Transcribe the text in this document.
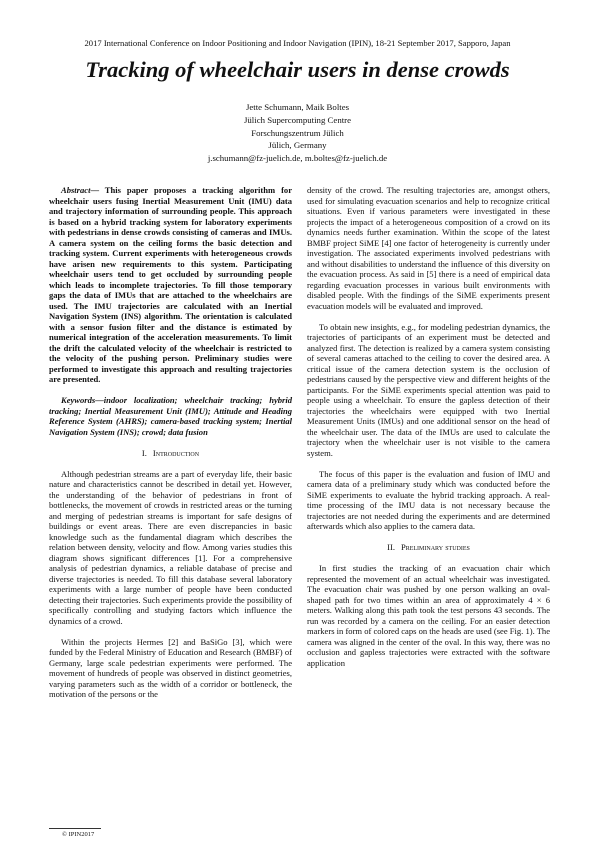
2017 International Conference on Indoor Positioning and Indoor Navigation (IPIN), 18-21 September 2017, Sapporo, Japan
Tracking of wheelchair users in dense crowds
Jette Schumann, Maik Boltes
Jülich Supercomputing Centre
Forschungszentrum Jülich
Jülich, Germany
j.schumann@fz-juelich.de, m.boltes@fz-juelich.de

Abstract— This paper proposes a tracking algorithm for wheelchair users fusing Inertial Measurement Unit (IMU) data and trajectory information of surrounding people. This approach is based on a hybrid tracking system for laboratory experiments with pedestrians in dense crowds consisting of cameras and IMUs. A camera system on the ceiling forms the basic detection and tracking system. Current experiments with heterogeneous crowds have arisen new requirements to this system. Participating wheelchair users tend to get occluded by surrounding people which leads to incomplete trajectories. To fill those temporary gaps the data of IMUs that are attached to the wheelchairs are used. The IMU trajectories are calculated with an Inertial Navigation System (INS) algorithm. The orientation is calculated with a sensor fusion filter and the distance is estimated by numerical integration of the acceleration measurements. To limit the drift the calculated velocity of the wheelchair is restricted to the velocity of the pushing person. Preliminary studies were performed to investigate this approach and resulting trajectories are presented.

Keywords—indoor localization; wheelchair tracking; hybrid tracking; Inertial Measurement Unit (IMU); Attitude and Heading Reference System (AHRS); camera-based tracking system; Inertial Navigation System (INS); crowd; data fusion

I. Introduction

Although pedestrian streams are a part of everyday life, their basic nature and characteristics cannot be described in detail yet. However, the understanding of the behavior of pedestrians in front of bottlenecks, the movement of crowds in restricted areas or the turning and merging of pedestrian streams is important for safe designs of buildings or event areas. There are even discrepancies in basic knowledge such as the fundamental diagram which describes the relation between density, velocity and flow. Among varies studies this diagram shows significant differences [1]. For a comprehensive analysis of pedestrian dynamics, a reliable database of precise and diverse trajectories is needed. To fill this database several laboratory experiments with a large number of people have been conducted detecting their trajectories. Such experiments provide the possibility of specifically controlling and studying factors which influence the dynamics of a crowd.

Within the projects Hermes [2] and BaSiGo [3], which were funded by the Federal Ministry of Education and Research (BMBF) of Germany, large scale pedestrian experiments were performed. The movement of hundreds of people was observed in distinct geometries, varying parameters such as the width of a corridor or bottleneck, the motivation of the persons or the

density of the crowd. The resulting trajectories are, amongst others, used for simulating evacuation scenarios and help to recognize critical situations. Even if various parameters were investigated in these projects the impact of a heterogeneous composition of a crowd on its dynamics needs further examination. Within the scope of the latest BMBF project SiME [4] one factor of heterogeneity is currently under investigation. The associated experiments involved pedestrians with and without disabilities to understand the influence of this diversity on the evacuation process. As said in [5] there is a need of empirical data regarding evacuation processes in various built environments with disabled people. With the findings of the SiME experiments present evacuation models will be evaluated and improved.

To obtain new insights, e.g., for modeling pedestrian dynamics, the trajectories of participants of an experiment must be detected and analyzed first. The detection is realized by a camera system consisting of several cameras attached to the ceiling to cover the desired area. A critical issue of the camera detection system is the occlusion of pedestrians caused by the perspective view and different heights of the participants. For the SiME experiments special attention was paid to people using a wheelchair. To ensure the gapless detection of their trajectories the wheelchairs were equipped with two Inertial Measurement Units (IMUs) and one additional sensor on the head of the wheelchair user. The data of the IMUs are used to calculate the trajectory when the wheelchair user is not visible to the camera system.

The focus of this paper is the evaluation and fusion of IMU and camera data of a preliminary study which was conducted before the SiME experiments to evaluate the hybrid tracking approach. A real-time processing of the IMU data is not necessary because the trajectories are not needed during the experiments and are determined afterwards which also applies to the camera data.

II. Preliminary studies

In first studies the tracking of an evacuation chair which represented the movement of an actual wheelchair was investigated. The evacuation chair was pushed by one person walking an oval-shaped path for two times within an area of approximately 4 × 6 meters. Walking along this path took the test persons 43 seconds. The run was recorded by a camera on the ceiling. For an easier detection markers in form of colored caps on the heads are used (see Fig. 1). The camera was aligned in the center of the oval. In this way, there was no occlusion and gapless trajectories were extracted with the software application

© IPIN2017
